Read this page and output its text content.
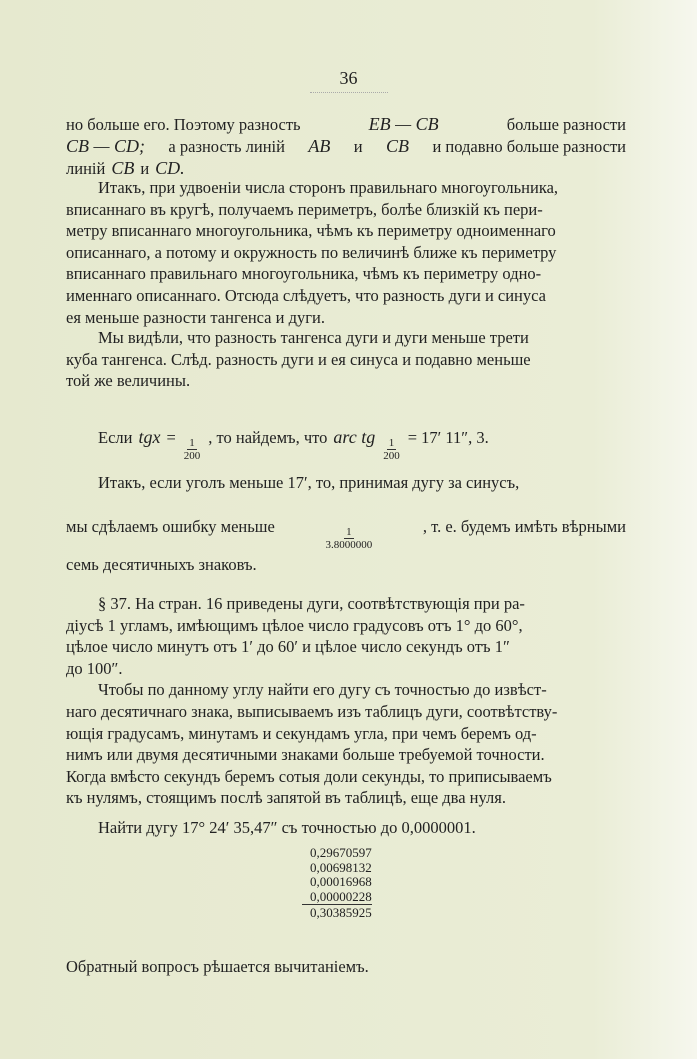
36
но больше его. Поэтому разность	EB — CB	больше разности
CB — CD; а разность линій AB и CB и подавно больше разности
линій CB и CD.
Итакъ, при удвоеніи числа сторонъ правильнаго многоугольника,
вписаннаго въ кругѣ, получаемъ периметръ, болѣе близкій къ пери-
метру вписаннаго многоугольника, чѣмъ къ периметру одноименнаго
описаннаго, а потому и окружность по величинѣ ближе къ периметру
вписаннаго правильнаго многоугольника, чѣмъ къ периметру одно-
именнаго описаннаго. Отсюда слѣдуетъ, что разность дуги и синуса
ея меньше разности тангенса и дуги.
Мы видѣли, что разность тангенса дуги и дуги меньше трети
куба тангенса. Слѣд. разность дуги и ея синуса и подавно меньше
той же величины.
Если tgx = $\frac{1}{200}$ , то найдемъ, что arc tg $\frac{1}{200} = 17'$ 11″, 3.
Итакъ, если уголъ меньше 17′, то, принимая дугу за синусъ,
мы сдѣлаемъ ошибку меньше	$\frac{1}{3.8000000}$	, т. е. будемъ имѣть вѣрными
семь десятичныхъ знаковъ.
§ 37. На стран. 16 приведены дуги, соотвѣтствующія при ра-
діусѣ 1 угламъ, имѣющимъ цѣлое число градусовъ отъ 1° до 60°,
цѣлое число минутъ отъ 1′ до 60′ и цѣлое число секундъ отъ 1″
до 100″.
Чтобы по данному углу найти его дугу съ точностью до извѣст-
наго десятичнаго знака, выписываемъ изъ таблицъ дуги, соотвѣтству-
ющія градусамъ, минутамъ и секундамъ угла, при чемъ беремъ од-
нимъ или двумя десятичными знаками больше требуемой точности.
Когда вмѣсто секундъ беремъ сотыя доли секунды, то приписываемъ
къ нулямъ, стоящимъ послѣ запятой въ таблицѣ, еще два нуля.
Найти дугу 17° 24′ 35,47″ съ точностью до 0,0000001.
Обратный вопросъ рѣшается вычитаніемъ.
0,29670597
0,00698132
0,00016968
0,00000228
0,30385925
